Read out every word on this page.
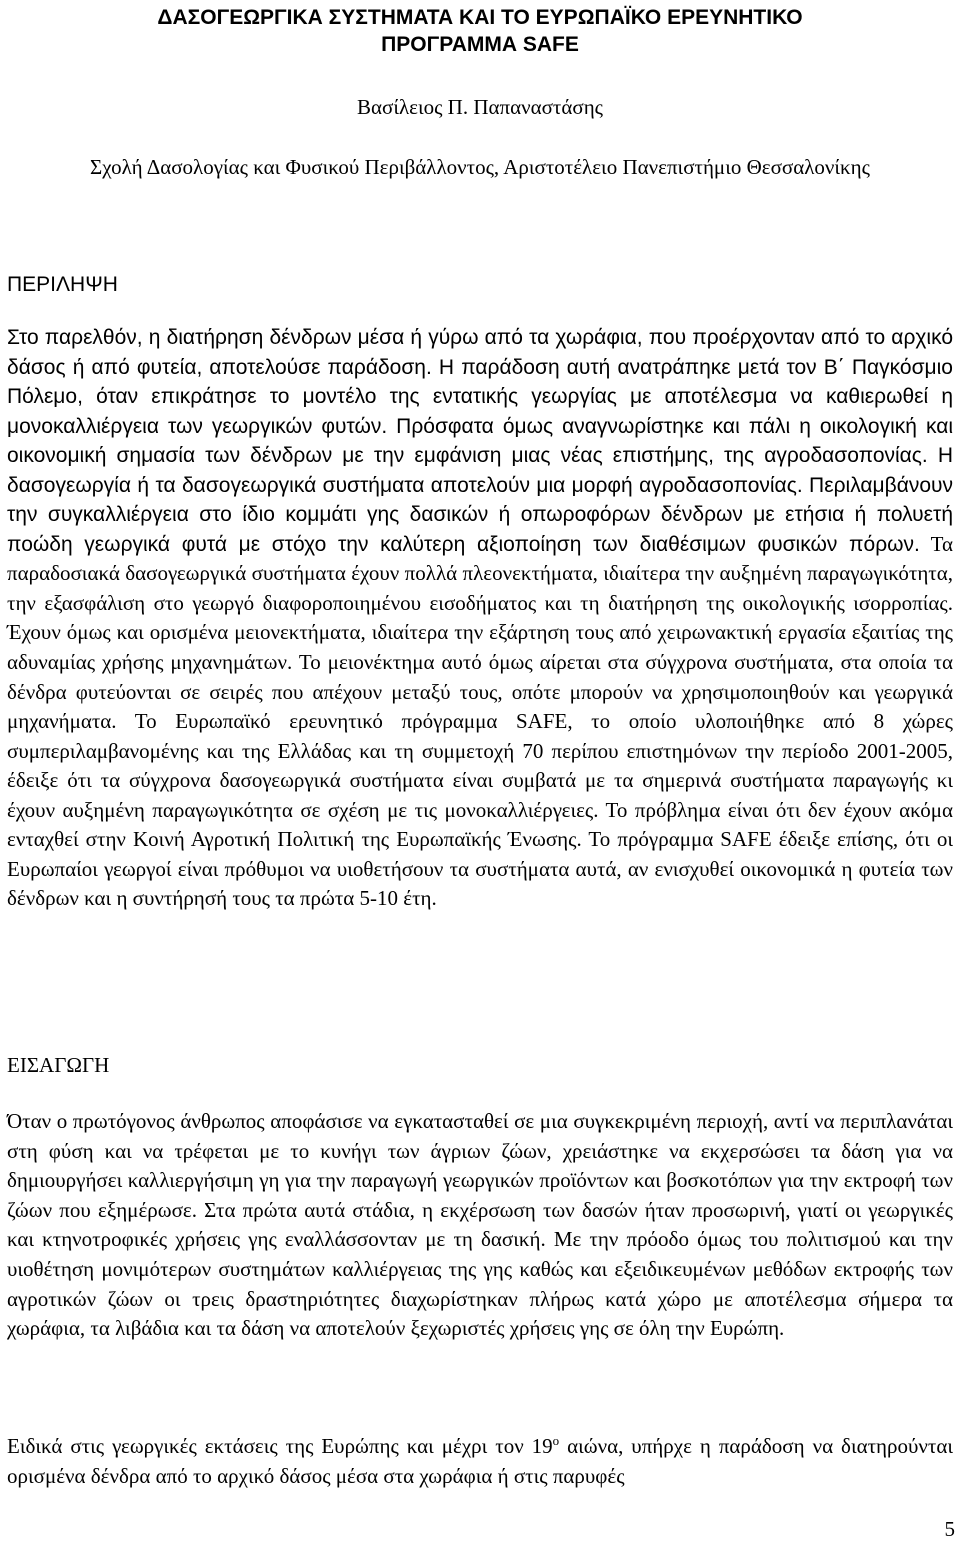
ΔΑΣΟΓΕΩΡΓΙΚΑ ΣΥΣΤΗΜΑΤΑ ΚΑΙ ΤΟ ΕΥΡΩΠΑΪΚΟ ΕΡΕΥΝΗΤΙΚΟ
ΠΡΟΓΡΑΜΜΑ SAFE
Βασίλειος Π. Παπαναστάσης
Σχολή Δασολογίας και Φυσικού Περιβάλλοντος, Αριστοτέλειο Πανεπιστήμιο Θεσσαλονίκης
ΠΕΡΙΛΗΨΗ

Στο παρελθόν, η διατήρηση δένδρων μέσα ή γύρω από τα χωράφια, που προέρχονταν από το αρχικό δάσος ή από φυτεία, αποτελούσε παράδοση. Η παράδοση αυτή ανατράπηκε μετά τον Β΄ Παγκόσμιο Πόλεμο, όταν επικράτησε το μοντέλο της εντατικής γεωργίας με αποτέλεσμα να καθιερωθεί η μονοκαλλιέργεια των γεωργικών φυτών. Πρόσφατα όμως αναγνωρίστηκε και πάλι η οικολογική και οικονομική σημασία των δένδρων με την εμφάνιση μιας νέας επιστήμης, της αγροδασοπονίας. Η δασογεωργία ή τα δασογεωργικά συστήματα αποτελούν μια μορφή αγροδασοπονίας. Περιλαμβάνουν την συγκαλλιέργεια στο ίδιο κομμάτι γης δασικών ή οπωροφόρων δένδρων με ετήσια ή πολυετή ποώδη γεωργικά φυτά με στόχο την καλύτερη αξιοποίηση των διαθέσιμων φυσικών πόρων. Τα παραδοσιακά δασογεωργικά συστήματα έχουν πολλά πλεονεκτήματα, ιδιαίτερα την αυξημένη παραγωγικότητα, την εξασφάλιση στο γεωργό διαφοροποιημένου εισοδήματος και τη διατήρηση της οικολογικής ισορροπίας. Έχουν όμως και ορισμένα μειονεκτήματα, ιδιαίτερα την εξάρτηση τους από χειρωνακτική εργασία εξαιτίας της αδυναμίας χρήσης μηχανημάτων. Το μειονέκτημα αυτό όμως αίρεται στα σύγχρονα συστήματα, στα οποία τα δένδρα φυτεύονται σε σειρές που απέχουν μεταξύ τους, οπότε μπορούν να χρησιμοποιηθούν και γεωργικά μηχανήματα. Το Ευρωπαϊκό ερευνητικό πρόγραμμα SAFE, το οποίο υλοποιήθηκε από 8 χώρες συμπεριλαμβανομένης και της Ελλάδας και τη συμμετοχή 70 περίπου επιστημόνων την περίοδο 2001-2005, έδειξε ότι τα σύγχρονα δασογεωργικά συστήματα είναι συμβατά με τα σημερινά συστήματα παραγωγής κι έχουν αυξημένη παραγωγικότητα σε σχέση με τις μονοκαλλιέργειες. Το πρόβλημα είναι ότι δεν έχουν ακόμα ενταχθεί στην Κοινή Αγροτική Πολιτική της Ευρωπαϊκής Ένωσης. Το πρόγραμμα SAFE έδειξε επίσης, ότι οι Ευρωπαίοι γεωργοί είναι πρόθυμοι να υιοθετήσουν τα συστήματα αυτά, αν ενισχυθεί οικονομικά η φυτεία των δένδρων και η συντήρησή τους τα πρώτα 5-10 έτη.

ΕΙΣΑΓΩΓΗ

Όταν ο πρωτόγονος άνθρωπος αποφάσισε να εγκατασταθεί σε μια συγκεκριμένη περιοχή, αντί να περιπλανάται στη φύση και να τρέφεται με το κυνήγι των άγριων ζώων, χρειάστηκε να εκχερσώσει τα δάση για να δημιουργήσει καλλιεργήσιμη γη για την παραγωγή γεωργικών προϊόντων και βοσκοτόπων για την εκτροφή των ζώων που εξημέρωσε. Στα πρώτα αυτά στάδια, η εκχέρσωση των δασών ήταν προσωρινή, γιατί οι γεωργικές και κτηνοτροφικές χρήσεις γης εναλλάσσονταν με τη δασική. Με την πρόοδο όμως του πολιτισμού και την υιοθέτηση μονιμότερων συστημάτων καλλιέργειας της γης καθώς και εξειδικευμένων μεθόδων εκτροφής των αγροτικών ζώων οι τρεις δραστηριότητες διαχωρίστηκαν πλήρως κατά χώρο με αποτέλεσμα σήμερα τα χωράφια, τα λιβάδια και τα δάση να αποτελούν ξεχωριστές χρήσεις γης σε όλη την Ευρώπη.

Ειδικά στις γεωργικές εκτάσεις της Ευρώπης και μέχρι τον $19^o$ αιώνα, υπήρχε η παράδοση να διατηρούνται ορισμένα δένδρα από το αρχικό δάσος μέσα στα χωράφια ή στις παρυφές

5
